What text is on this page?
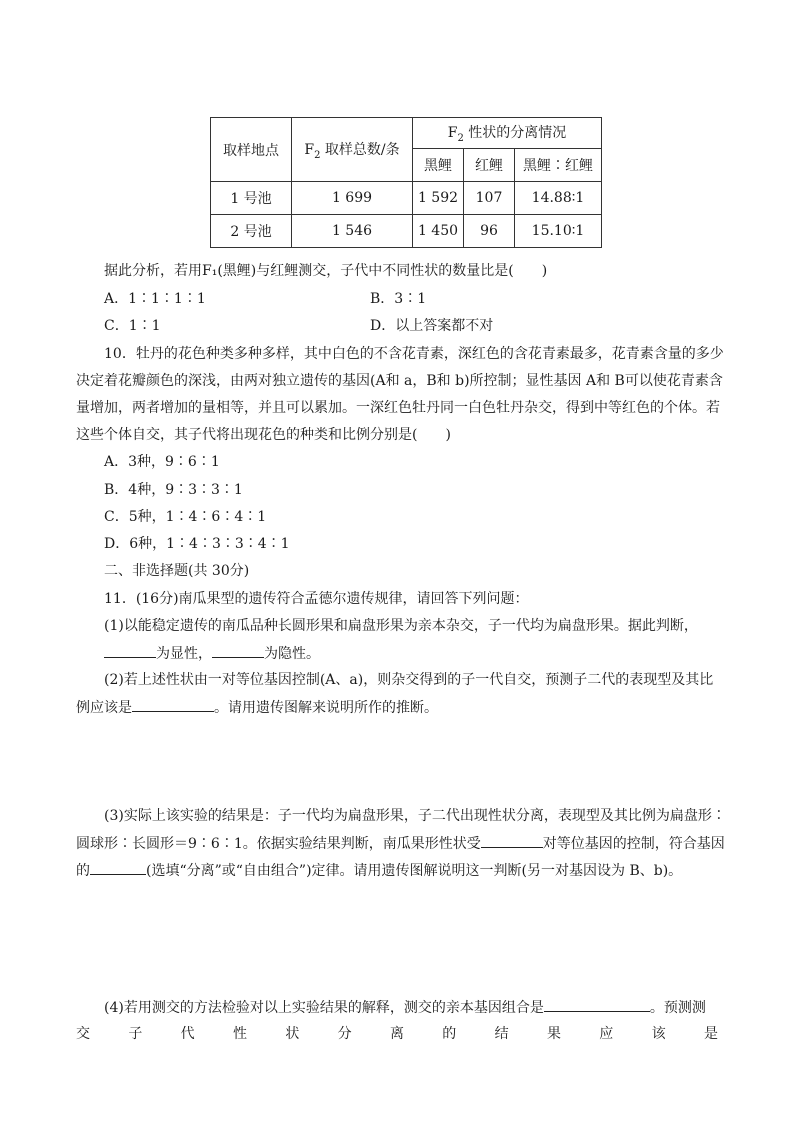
取样地点	$F_2$ 取样总数/条	$F_2$ 性状的分离情况		
		黑鲤	红鲤	黑鲤∶红鲤
1 号池	1 699	1 592	107	14.88∶1
2 号池	1 546	1 450	96	15.10∶1
据此分析，若用F₁(黑鲤)与红鲤测交，子代中不同性状的数量比是(　　)
A．1∶1∶1∶1	B．3∶1
C．1∶1	D．以上答案都不对
10．牡丹的花色种类多种多样，其中白色的不含花青素，深红色的含花青素最多，花青素含量的多少
决定着花瓣颜色的深浅，由两对独立遗传的基因(A和 a，B和 b)所控制；显性基因 A和 B可以使花青素含
量增加，两者增加的量相等，并且可以累加。一深红色牡丹同一白色牡丹杂交，得到中等红色的个体。若
这些个体自交，其子代将出现花色的种类和比例分别是(　　)
A．3种，9∶6∶1
B．4种，9∶3∶3∶1
C．5种，1∶4∶6∶4∶1
D．6种，1∶4∶3∶3∶4∶1
二、非选择题(共 30分)
11．(16分)南瓜果型的遗传符合孟德尔遗传规律，请回答下列问题：
(1)以能稳定遗传的南瓜品种长圆形果和扁盘形果为亲本杂交，子一代均为扁盘形果。据此判断，
为显性，	为隐性。
(2)若上述性状由一对等位基因控制(A、a)，则杂交得到的子一代自交，预测子二代的表现型及其比
例应该是	。请用遗传图解来说明所作的推断。
(3)实际上该实验的结果是：子一代均为扁盘形果，子二代出现性状分离，表现型及其比例为扁盘形∶
圆球形∶长圆形＝9∶6∶1。依据实验结果判断，南瓜果形性状受	对等位基因的控制，符合基因
的	(选填“分离”或“自由组合”)定律。请用遗传图解说明这一判断(另一对基因设为 B、b)。
(4)若用测交的方法检验对以上实验结果的解释，测交的亲本基因组合是	。预测测
交	子	代	性	状	分	离	的	结	果	应	该	是
